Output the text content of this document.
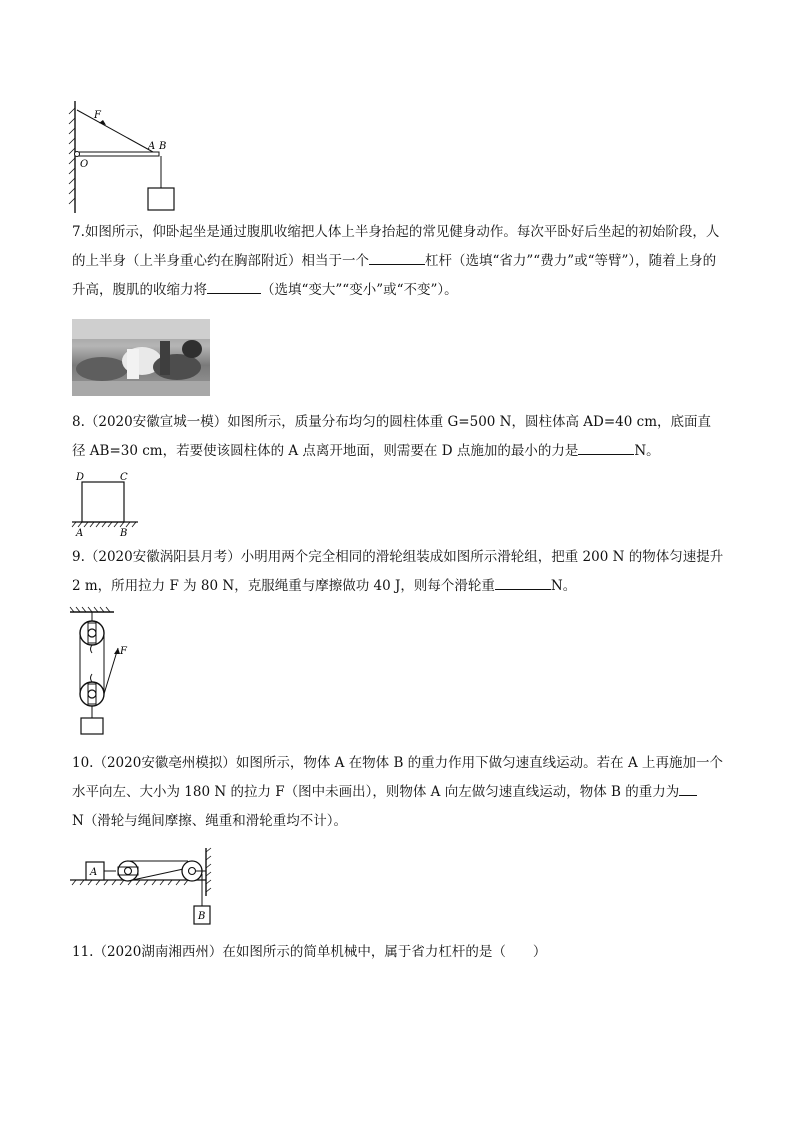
F
O
A B

7.如图所示，仰卧起坐是通过腹肌收缩把人体上半身抬起的常见健身动作。每次平卧好后坐起的初始阶段，人的上半身（上半身重心约在胸部附近）相当于一个	杠杆（选填“省力”“费力”或“等臂”），随着上身的升高，腹肌的收缩力将	（选填“变大”“变小”或“不变”）。

8.（2020安徽宣城一模）如图所示，质量分布均匀的圆柱体重 G=500 N，圆柱体高 AD=40 cm，底面直径 AB=30 cm，若要使该圆柱体的 A 点离开地面，则需要在 D 点施加的最小的力是	N。

D	C
A	B

9.（2020安徽涡阳县月考）小明用两个完全相同的滑轮组装成如图所示滑轮组，把重 200 N 的物体匀速提升 2 m，所用拉力 F 为 80 N，克服绳重与摩擦做功 40 J，则每个滑轮重	N。

F

10.（2020安徽亳州模拟）如图所示，物体 A 在物体 B 的重力作用下做匀速直线运动。若在 A 上再施加一个水平向左、大小为 180 N 的拉力 F（图中未画出），则物体 A 向左做匀速直线运动，物体 B 的重力为
N（滑轮与绳间摩擦、绳重和滑轮重均不计）。

A
B

11.（2020湖南湘西州）在如图所示的简单机械中，属于省力杠杆的是（　　）
